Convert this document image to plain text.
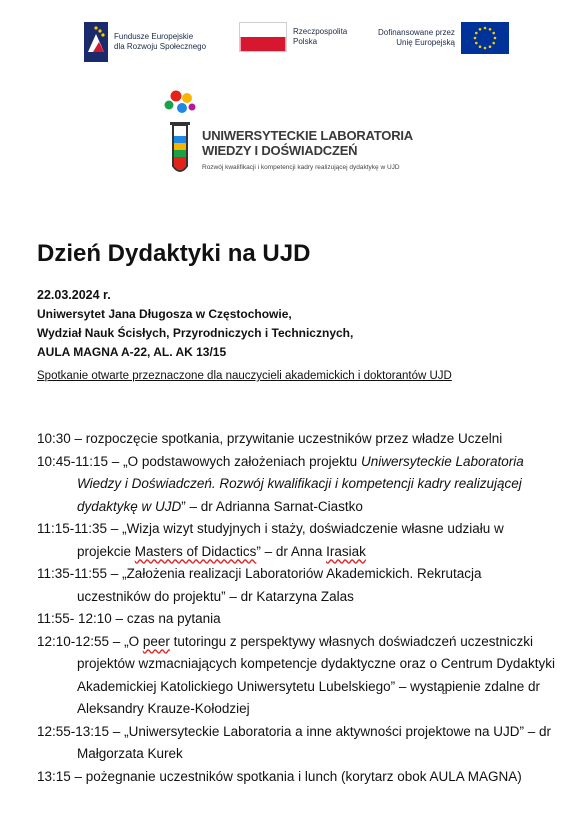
Fundusze Europejskie
dla Rozwoju Społecznego
Rzeczpospolita
Polska
Dofinansowane przez
Unię Europejską
UNIWERSYTECKIE LABORATORIA
WIEDZY I DOŚWIADCZEŃ
Rozwój kwalifikacji i kompetencji kadry realizującej dydaktykę w UJD
Dzień Dydaktyki na UJD
22.03.2024 r.
Uniwersytet Jana Długosza w Częstochowie,
Wydział Nauk Ścisłych, Przyrodniczych i Technicznych,
AULA MAGNA A-22, AL. AK 13/15
Spotkanie otwarte przeznaczone dla nauczycieli akademickich i doktorantów UJD

10:30 – rozpoczęcie spotkania, przywitanie uczestników przez władze Uczelni

10:45-11:15 – „O podstawowych założeniach projektu Uniwersyteckie Laboratoria Wiedzy i Doświadczeń. Rozwój kwalifikacji i kompetencji kadry realizującej dydaktykę w UJD” – dr Adrianna Sarnat-Ciastko

11:15-11:35 – „Wizja wizyt studyjnych i staży, doświadczenie własne udziału w projekcie Masters of Didactics” – dr Anna Irasiak

11:35-11:55 – „Założenia realizacji Laboratoriów Akademickich. Rekrutacja uczestników do projektu” – dr Katarzyna Zalas

11:55- 12:10 – czas na pytania

12:10-12:55 – „O peer tutoringu z perspektywy własnych doświadczeń uczestniczki projektów wzmacniających kompetencje dydaktyczne oraz o Centrum Dydaktyki Akademickiej Katolickiego Uniwersytetu Lubelskiego” – wystąpienie zdalne dr Aleksandry Krauze-Kołodziej

12:55-13:15 – „Uniwersyteckie Laboratoria a inne aktywności projektowe na UJD” – dr Małgorzata Kurek

13:15 – pożegnanie uczestników spotkania i lunch (korytarz obok AULA MAGNA)
